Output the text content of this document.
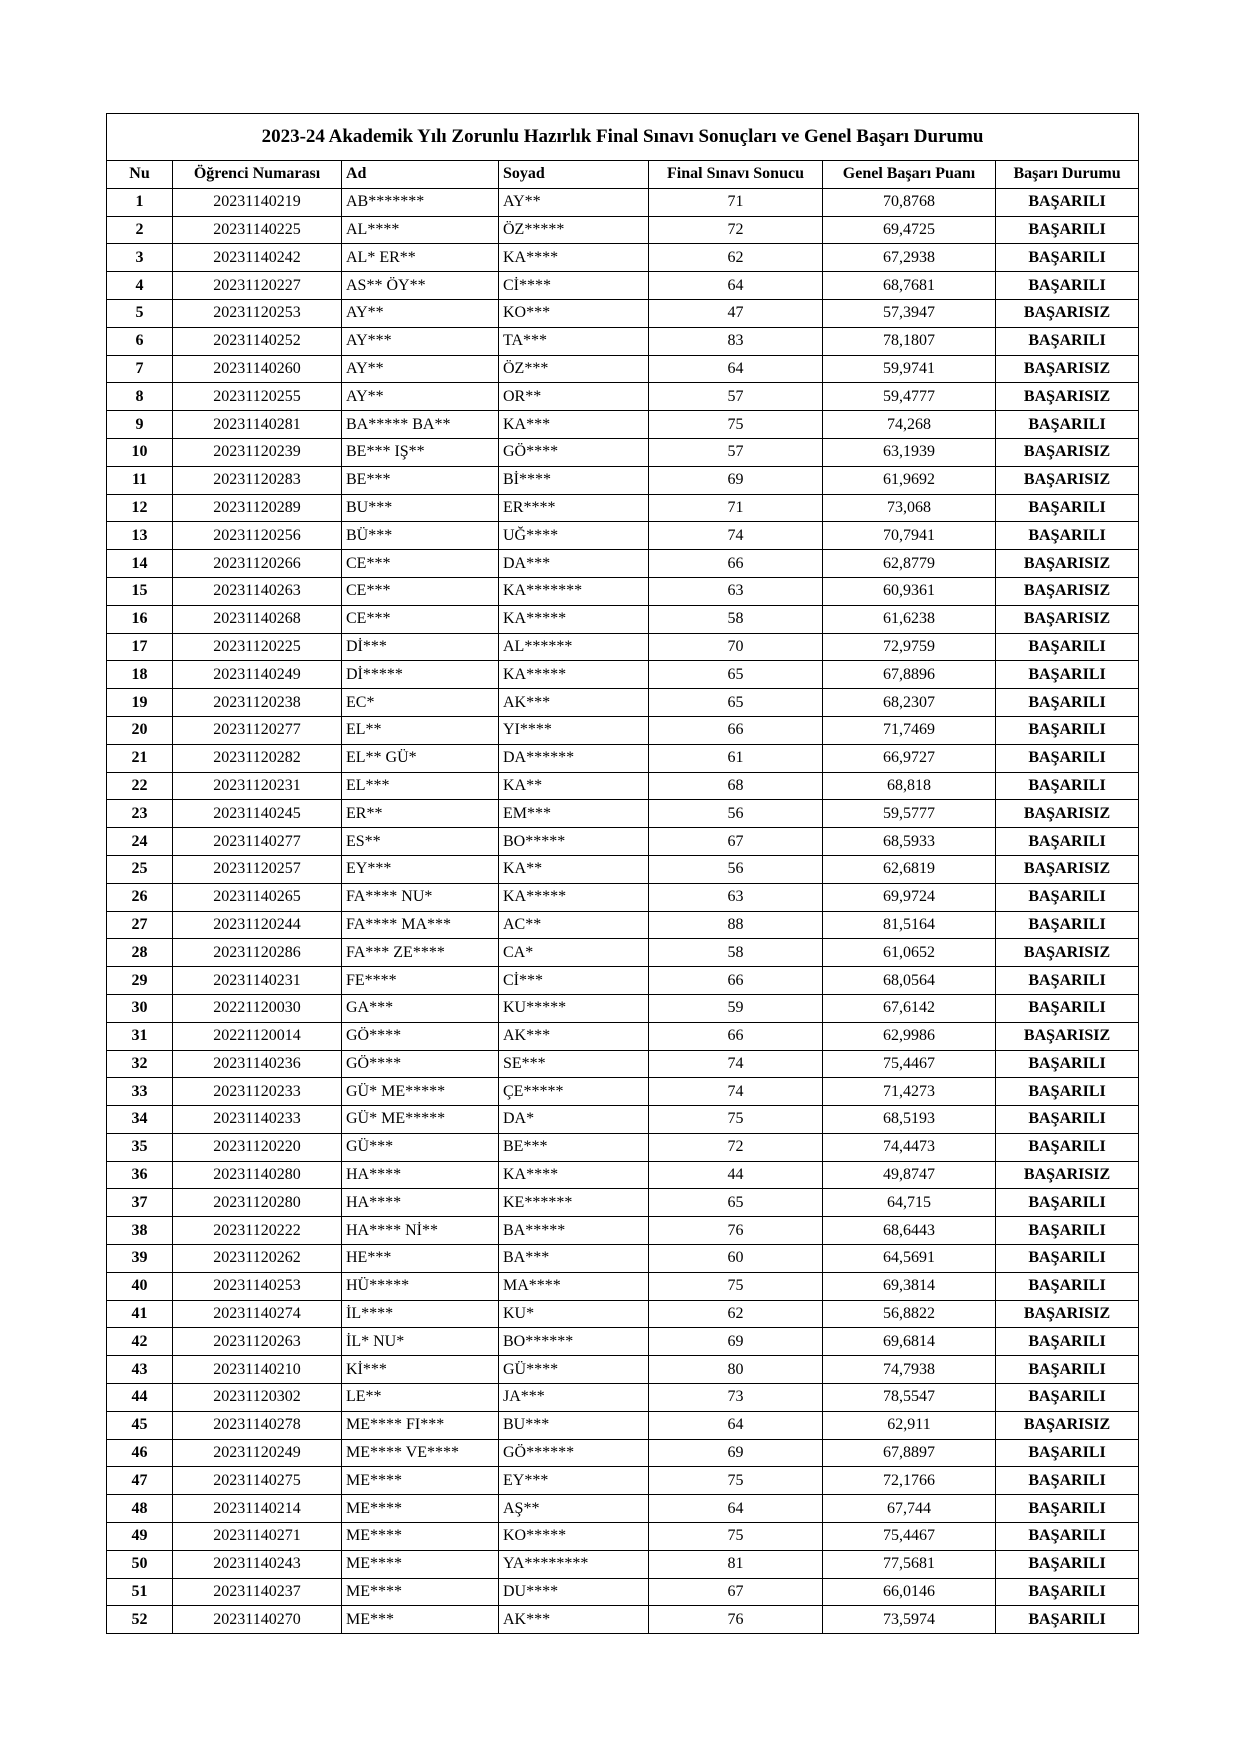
2023-24 Akademik Yılı Zorunlu Hazırlık Final Sınavı Sonuçları ve Genel Başarı Durumu						
Nu	Öğrenci Numarası	Ad	Soyad	Final Sınavı Sonucu	Genel Başarı Puanı	Başarı Durumu
1	20231140219	AB*******	AY**	71	70,8768	BAŞARILI
2	20231140225	AL****	ÖZ*****	72	69,4725	BAŞARILI
3	20231140242	AL* ER**	KA****	62	67,2938	BAŞARILI
4	20231120227	AS** ÖY**	Cİ****	64	68,7681	BAŞARILI
5	20231120253	AY**	KO***	47	57,3947	BAŞARISIZ
6	20231140252	AY***	TA***	83	78,1807	BAŞARILI
7	20231140260	AY**	ÖZ***	64	59,9741	BAŞARISIZ
8	20231120255	AY**	OR**	57	59,4777	BAŞARISIZ
9	20231140281	BA***** BA**	KA***	75	74,268	BAŞARILI
10	20231120239	BE*** IŞ**	GÖ****	57	63,1939	BAŞARISIZ
11	20231120283	BE***	Bİ****	69	61,9692	BAŞARISIZ
12	20231120289	BU***	ER****	71	73,068	BAŞARILI
13	20231120256	BÜ***	UĞ****	74	70,7941	BAŞARILI
14	20231120266	CE***	DA***	66	62,8779	BAŞARISIZ
15	20231140263	CE***	KA*******	63	60,9361	BAŞARISIZ
16	20231140268	CE***	KA*****	58	61,6238	BAŞARISIZ
17	20231120225	Dİ***	AL******	70	72,9759	BAŞARILI
18	20231140249	Dİ*****	KA*****	65	67,8896	BAŞARILI
19	20231120238	EC*	AK***	65	68,2307	BAŞARILI
20	20231120277	EL**	YI****	66	71,7469	BAŞARILI
21	20231120282	EL** GÜ*	DA******	61	66,9727	BAŞARILI
22	20231120231	EL***	KA**	68	68,818	BAŞARILI
23	20231140245	ER**	EM***	56	59,5777	BAŞARISIZ
24	20231140277	ES**	BO*****	67	68,5933	BAŞARILI
25	20231120257	EY***	KA**	56	62,6819	BAŞARISIZ
26	20231140265	FA**** NU*	KA*****	63	69,9724	BAŞARILI
27	20231120244	FA**** MA***	AC**	88	81,5164	BAŞARILI
28	20231120286	FA*** ZE****	CA*	58	61,0652	BAŞARISIZ
29	20231140231	FE****	Cİ***	66	68,0564	BAŞARILI
30	20221120030	GA***	KU*****	59	67,6142	BAŞARILI
31	20221120014	GÖ****	AK***	66	62,9986	BAŞARISIZ
32	20231140236	GÖ****	SE***	74	75,4467	BAŞARILI
33	20231120233	GÜ* ME*****	ÇE*****	74	71,4273	BAŞARILI
34	20231140233	GÜ* ME*****	DA*	75	68,5193	BAŞARILI
35	20231120220	GÜ***	BE***	72	74,4473	BAŞARILI
36	20231140280	HA****	KA****	44	49,8747	BAŞARISIZ
37	20231120280	HA****	KE******	65	64,715	BAŞARILI
38	20231120222	HA**** Nİ**	BA*****	76	68,6443	BAŞARILI
39	20231120262	HE***	BA***	60	64,5691	BAŞARILI
40	20231140253	HÜ*****	MA****	75	69,3814	BAŞARILI
41	20231140274	İL****	KU*	62	56,8822	BAŞARISIZ
42	20231120263	İL* NU*	BO******	69	69,6814	BAŞARILI
43	20231140210	Kİ***	GÜ****	80	74,7938	BAŞARILI
44	20231120302	LE**	JA***	73	78,5547	BAŞARILI
45	20231140278	ME**** FI***	BU***	64	62,911	BAŞARISIZ
46	20231120249	ME**** VE****	GÖ******	69	67,8897	BAŞARILI
47	20231140275	ME****	EY***	75	72,1766	BAŞARILI
48	20231140214	ME****	AŞ**	64	67,744	BAŞARILI
49	20231140271	ME****	KO*****	75	75,4467	BAŞARILI
50	20231140243	ME****	YA********	81	77,5681	BAŞARILI
51	20231140237	ME****	DU****	67	66,0146	BAŞARILI
52	20231140270	ME***	AK***	76	73,5974	BAŞARILI
